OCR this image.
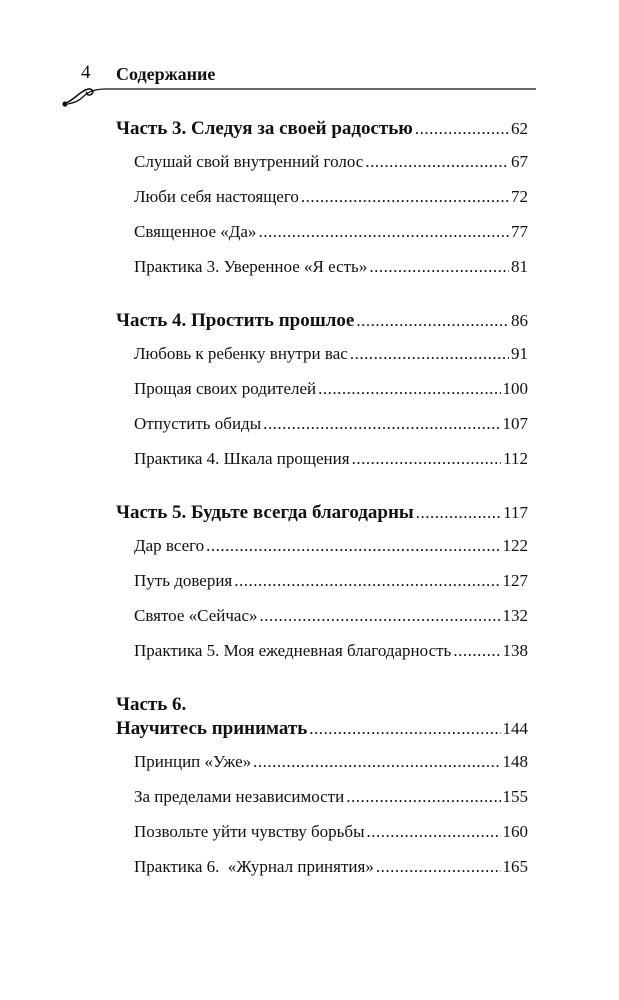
4 Содержание
Часть 3. Следуя за своей радостью .....	62
Слушай свой внутренний голос .....	67
Люби себя настоящего .....	72
Священное «Да» .....	77
Практика 3. Уверенное «Я есть» .....	81
Часть 4. Простить прошлое .....	86
Любовь к ребенку внутри вас .....	91
Прощая своих родителей .....	100
Отпустить обиды .....	107
Практика 4. Шкала прощения .....	112
Часть 5. Будьте всегда благодарны .....	117
Дар всего .....	122
Путь доверия .....	127
Святое «Сейчас» .....	132
Практика 5. Моя ежедневная благодарность .....	138
Часть 6.
Научитесь принимать .....	144
Принцип «Уже» .....	148
За пределами независимости .....	155
Позвольте уйти чувству борьбы .....	160
Практика 6.  «Журнал принятия» .....	165
